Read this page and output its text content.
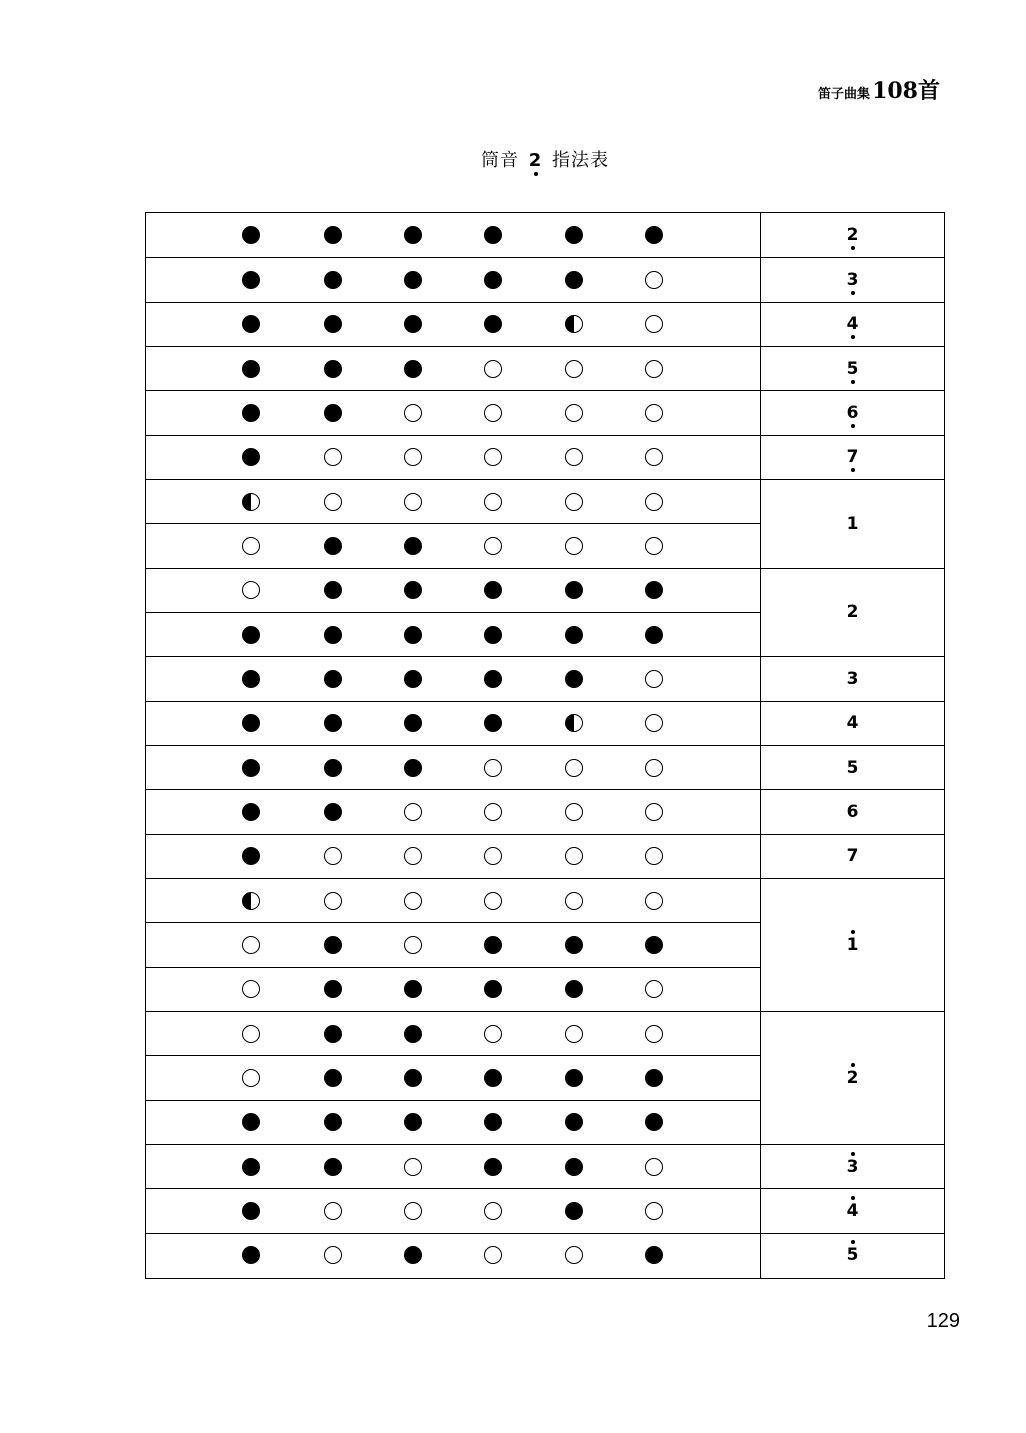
笛子曲集 108首
筒音 2 指法表
2
3
4
5
6
7
1
2
3
4
5
6
7
1
2
3
4
5
129
